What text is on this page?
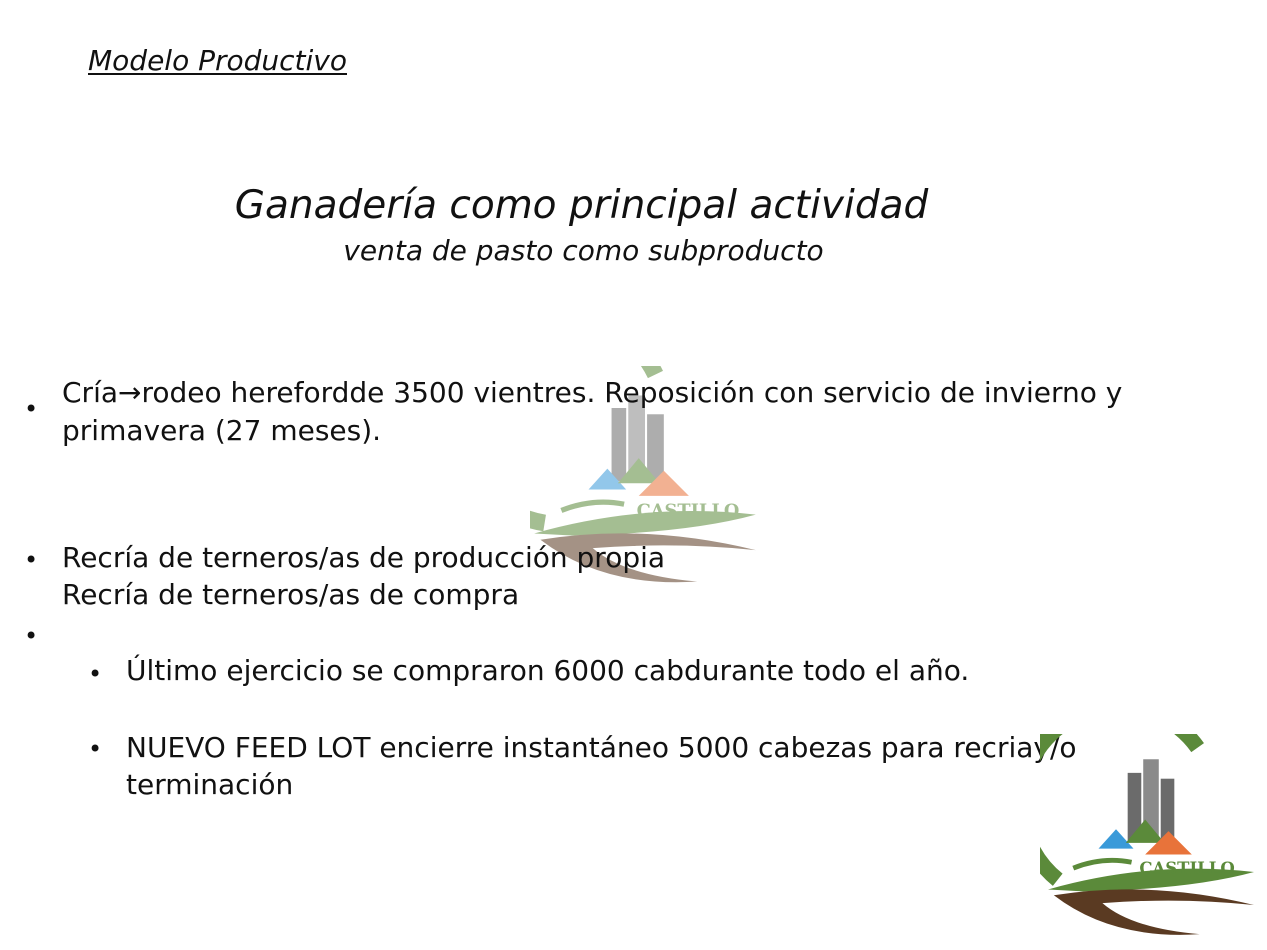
CASTILLO
Modelo Productivo
Ganadería como principal actividad
venta de pasto como subproducto
• Cría→rodeo herefordde 3500 vientres. Reposición con servicio de invierno y
primavera (27 meses).
• Recría de terneros/as de producción propia
Recría de terneros/as de compra
•
• Último ejercicio se compraron 6000 cabdurante todo el año.
• NUEVO FEED LOT encierre instantáneo 5000 cabezas para recriay/o
terminación
CASTILLO
